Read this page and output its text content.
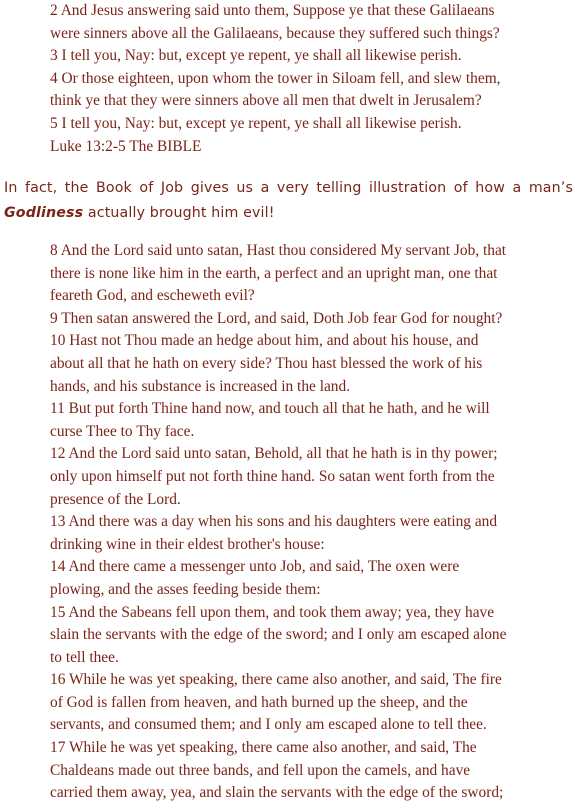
2 And Jesus answering said unto them, Suppose ye that these Galilaeans
were sinners above all the Galilaeans, because they suffered such things?
3 I tell you, Nay: but, except ye repent, ye shall all likewise perish.
4 Or those eighteen, upon whom the tower in Siloam fell, and slew them,
think ye that they were sinners above all men that dwelt in Jerusalem?
5 I tell you, Nay: but, except ye repent, ye shall all likewise perish.
Luke 13:2-5 The BIBLE
In fact, the Book of Job gives us a very telling illustration of how a man’s
Godliness actually brought him evil!
8 And the Lord said unto satan, Hast thou considered My servant Job, that
there is none like him in the earth, a perfect and an upright man, one that
feareth God, and escheweth evil?
9 Then satan answered the Lord, and said, Doth Job fear God for nought?
10 Hast not Thou made an hedge about him, and about his house, and
about all that he hath on every side? Thou hast blessed the work of his
hands, and his substance is increased in the land.
11 But put forth Thine hand now, and touch all that he hath, and he will
curse Thee to Thy face.
12 And the Lord said unto satan, Behold, all that he hath is in thy power;
only upon himself put not forth thine hand. So satan went forth from the
presence of the Lord.
13 And there was a day when his sons and his daughters were eating and
drinking wine in their eldest brother's house:
14 And there came a messenger unto Job, and said, The oxen were
plowing, and the asses feeding beside them:
15 And the Sabeans fell upon them, and took them away; yea, they have
slain the servants with the edge of the sword; and I only am escaped alone
to tell thee.
16 While he was yet speaking, there came also another, and said, The fire
of God is fallen from heaven, and hath burned up the sheep, and the
servants, and consumed them; and I only am escaped alone to tell thee.
17 While he was yet speaking, there came also another, and said, The
Chaldeans made out three bands, and fell upon the camels, and have
carried them away, yea, and slain the servants with the edge of the sword;
